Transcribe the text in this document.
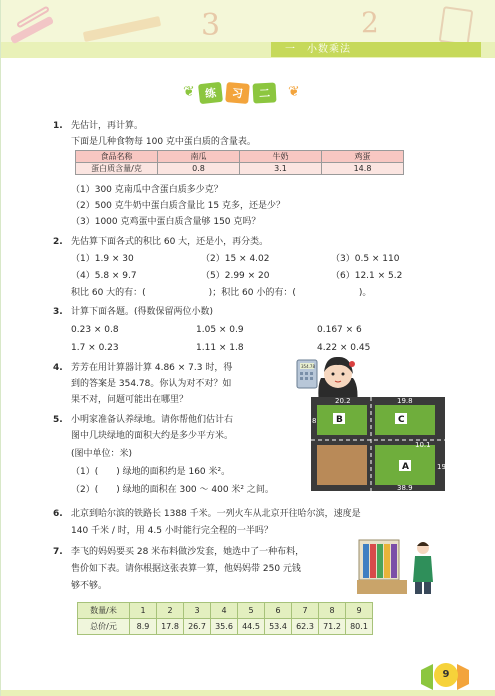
3	2
一　小数乘法
❦ 练	习	二	❦
1. 先估计，再计算。
下面是几种食物每 100 克中蛋白质的含量表。
食品名称	南瓜	牛奶	鸡蛋
蛋白质含量/克	0.8	3.1	14.8
（1）300 克南瓜中含蛋白质多少克？
（2）500 克牛奶中蛋白质含量比 15 克多，还是少？
（3）1000 克鸡蛋中蛋白质含量够 150 克吗？
2. 先估算下面各式的积比 60 大，还是小，再分类。
（1）1.9 × 30	（2）15 × 4.02	（3）0.5 × 110
（4）5.8 × 9.7	（5）2.99 × 20	（6）12.1 × 5.2
积比 60 大的有：(　　　　　　　)；积比 60 小的有：(　　　　　　　)。
3. 计算下面各题。(得数保留两位小数)
0.23 × 0.8	1.05 × 0.9	0.167 × 6
1.7 × 0.23	1.11 × 1.8	4.22 × 0.45
4. 芳芳在用计算器计算 4.86 × 7.3 时，得
到的答案是 354.78。你认为对不对？如
果不对，问题可能出在哪里？
354.78
5. 小明家准备认养绿地。请你帮他们估计右
图中几块绿地的面积大约是多少平方米。
(图中单位：米)
（1）(　　) 绿地的面积约是 160 米²。
（2）(　　) 绿地的面积在 300 ～ 400 米² 之间。
B	C
A
20.2	19.8
8
10.1
19
38.9
6. 北京到哈尔滨的铁路长 1388 千米。一列火车从北京开往哈尔滨，速度是
140 千米 / 时，用 4.5 小时能行完全程的一半吗？
7. 李飞的妈妈要买 28 米布料做沙发套，她选中了一种布料，
售价如下表。请你根据这张表算一算，他妈妈带 250 元钱
够不够。
数量/米	1	2	3	4	5	6	7	8	9
总价/元	8.9	17.8	26.7	35.6	44.5	53.4	62.3	71.2	80.1
9
